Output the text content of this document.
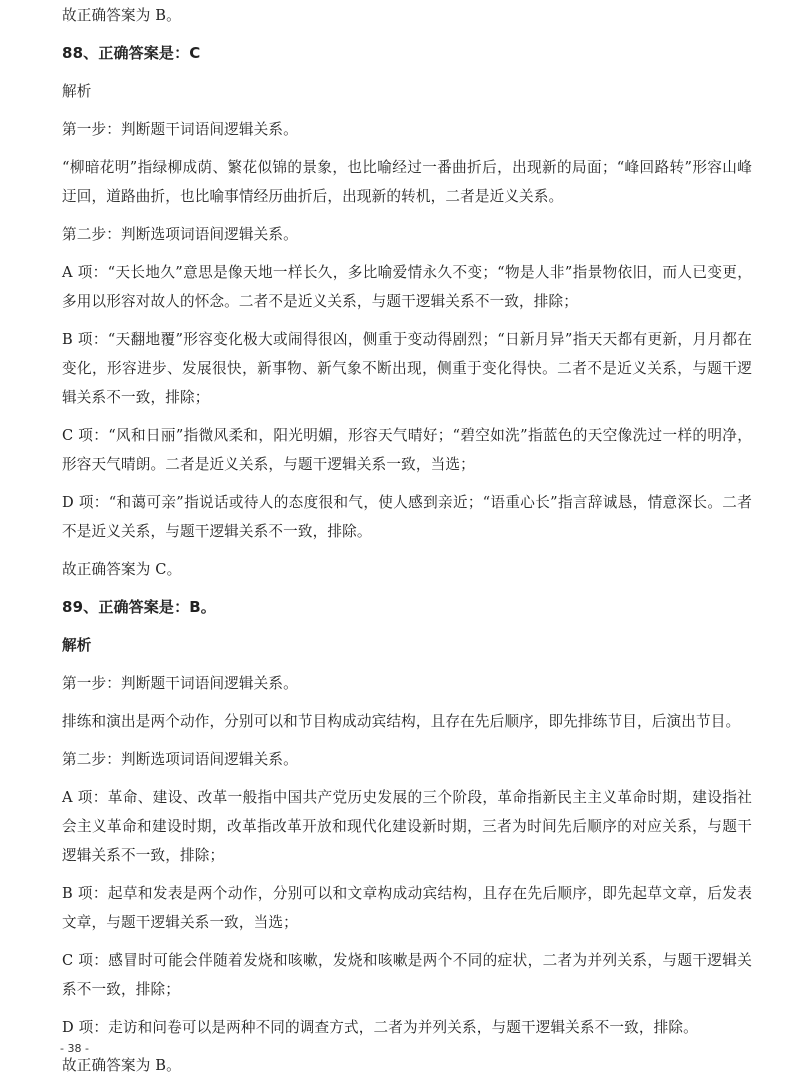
故正确答案为 B。

88、正确答案是：C

解析

第一步：判断题干词语间逻辑关系。

“柳暗花明”指绿柳成荫、繁花似锦的景象，也比喻经过一番曲折后，出现新的局面；“峰回路转”形容山峰迂回，道路曲折，也比喻事情经历曲折后，出现新的转机，二者是近义关系。

第二步：判断选项词语间逻辑关系。

A 项：“天长地久”意思是像天地一样长久，多比喻爱情永久不变；“物是人非”指景物依旧，而人已变更，多用以形容对故人的怀念。二者不是近义关系，与题干逻辑关系不一致，排除；

B 项：“天翻地覆”形容变化极大或闹得很凶，侧重于变动得剧烈；“日新月异”指天天都有更新，月月都在变化，形容进步、发展很快，新事物、新气象不断出现，侧重于变化得快。二者不是近义关系，与题干逻辑关系不一致，排除；

C 项：“风和日丽”指微风柔和，阳光明媚，形容天气晴好；“碧空如洗”指蓝色的天空像洗过一样的明净，形容天气晴朗。二者是近义关系，与题干逻辑关系一致，当选；

D 项：“和蔼可亲”指说话或待人的态度很和气，使人感到亲近；“语重心长”指言辞诚恳，情意深长。二者不是近义关系，与题干逻辑关系不一致，排除。

故正确答案为 C。

89、正确答案是：B。

解析

第一步：判断题干词语间逻辑关系。

排练和演出是两个动作，分别可以和节目构成动宾结构，且存在先后顺序，即先排练节目，后演出节目。

第二步：判断选项词语间逻辑关系。

A 项：革命、建设、改革一般指中国共产党历史发展的三个阶段，革命指新民主主义革命时期，建设指社会主义革命和建设时期，改革指改革开放和现代化建设新时期，三者为时间先后顺序的对应关系，与题干逻辑关系不一致，排除；

B 项：起草和发表是两个动作，分别可以和文章构成动宾结构，且存在先后顺序，即先起草文章，后发表文章，与题干逻辑关系一致，当选；

C 项：感冒时可能会伴随着发烧和咳嗽，发烧和咳嗽是两个不同的症状，二者为并列关系，与题干逻辑关系不一致，排除；

D 项：走访和问卷可以是两种不同的调查方式，二者为并列关系，与题干逻辑关系不一致，排除。

故正确答案为 B。

- 38 -
